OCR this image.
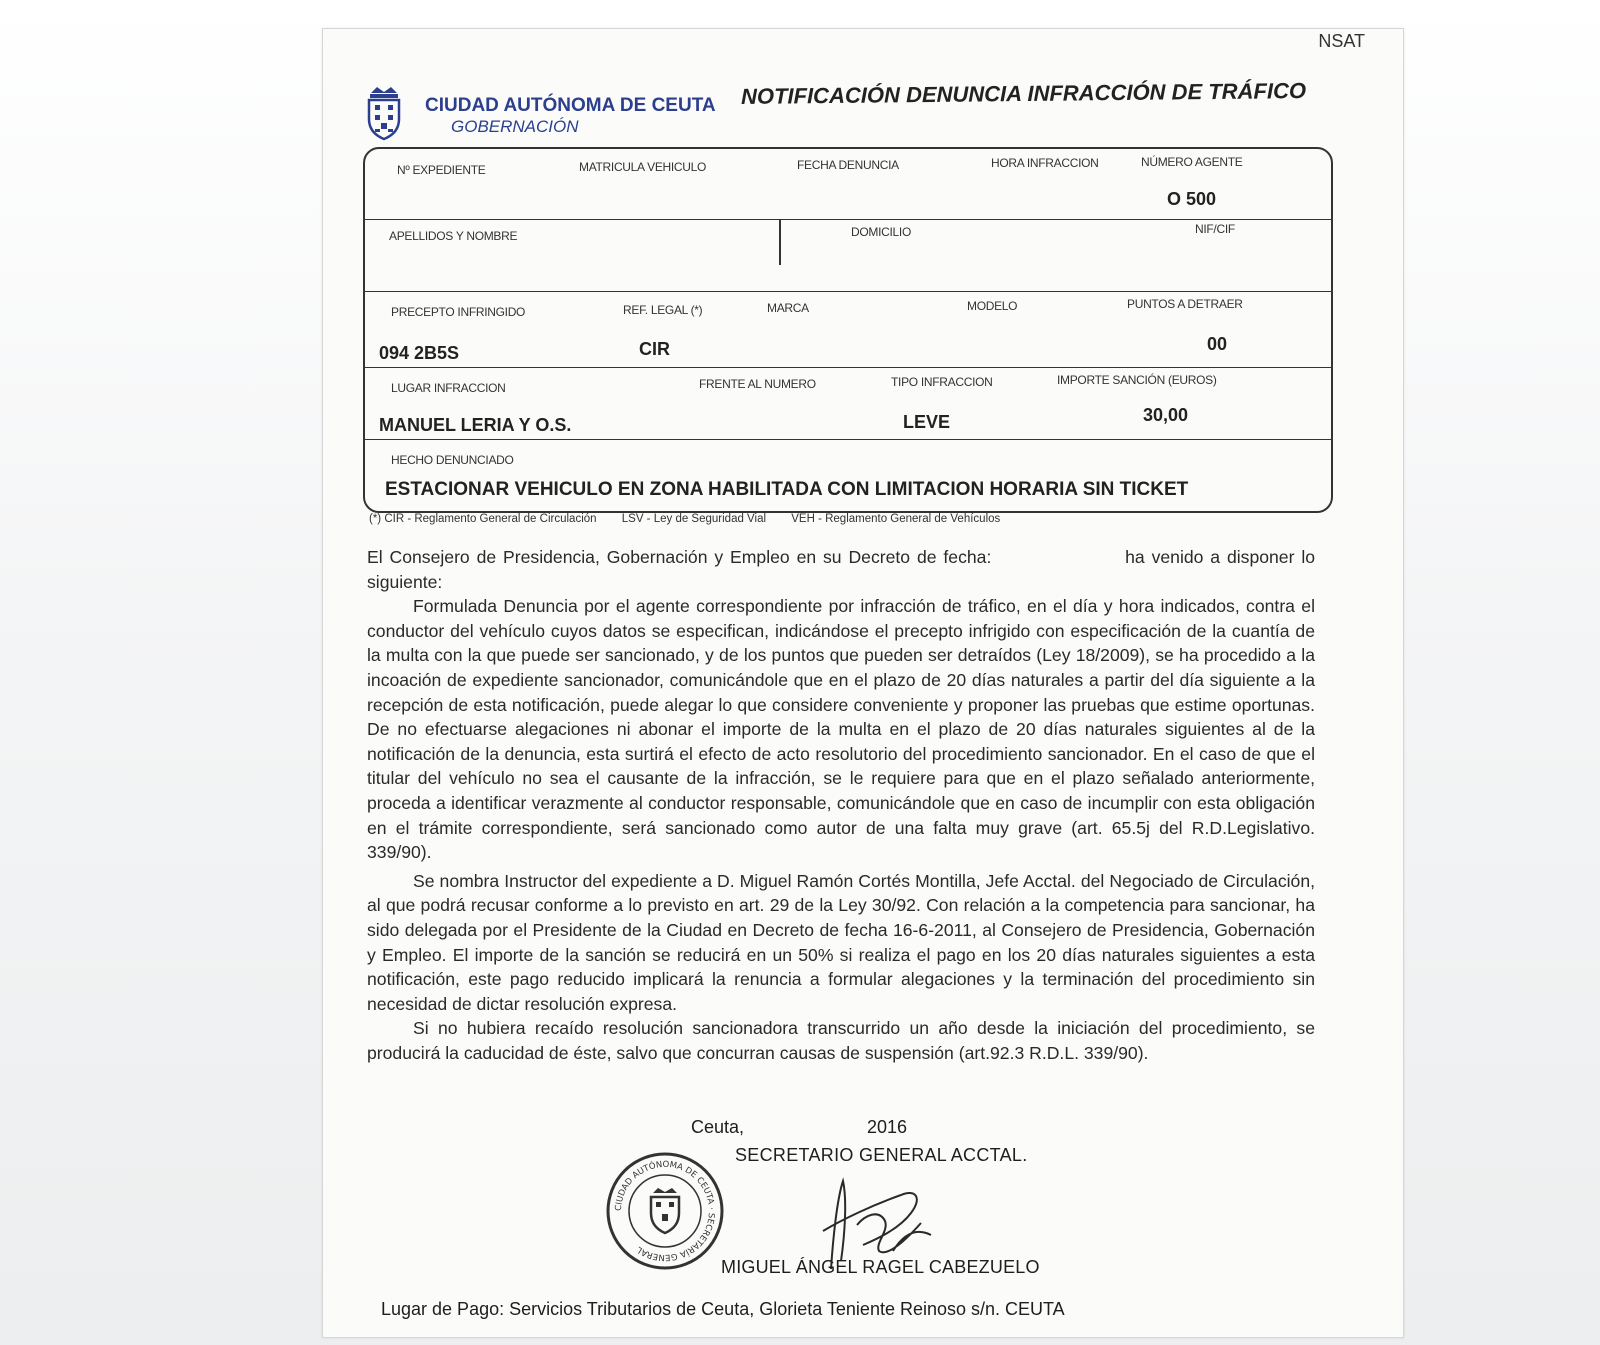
NSAT
CIUDAD AUTÓNOMA DE CEUTA
GOBERNACIÓN
NOTIFICACIÓN DENUNCIA INFRACCIÓN DE TRÁFICO
Nº EXPEDIENTE	MATRICULA VEHICULO	FECHA DENUNCIA	HORA INFRACCION	NÚMERO AGENTE
O 500
APELLIDOS Y NOMBRE	DOMICILIO	NIF/CIF
PRECEPTO INFRINGIDO	REF. LEGAL (*)	MARCA	MODELO	PUNTOS A DETRAER
094 2B5S	CIR	00
LUGAR INFRACCION	FRENTE AL NUMERO	TIPO INFRACCION	IMPORTE SANCIÓN (EUROS)
MANUEL LERIA Y O.S.	LEVE	30,00
HECHO DENUNCIADO
ESTACIONAR VEHICULO EN ZONA HABILITADA CON LIMITACION HORARIA SIN TICKET
(*) CIR - Reglamento General de Circulación LSV - Ley de Seguridad Vial VEH - Reglamento General de Vehículos

El Consejero de Presidencia, Gobernación y Empleo en su Decreto de fecha:	ha venido a disponer lo siguiente:

Formulada Denuncia por el agente correspondiente por infracción de tráfico, en el día y hora indicados, contra el conductor del vehículo cuyos datos se especifican, indicándose el precepto infrigido con especificación de la cuantía de la multa con la que puede ser sancionado, y de los puntos que pueden ser detraídos (Ley 18/2009), se ha procedido a la incoación de expediente sancionador, comunicándole que en el plazo de 20 días naturales a partir del día siguiente a la recepción de esta notificación, puede alegar lo que considere conveniente y proponer las pruebas que estime oportunas. De no efectuarse alegaciones ni abonar el importe de la multa en el plazo de 20 días naturales siguientes al de la notificación de la denuncia, esta surtirá el efecto de acto resolutorio del procedimiento sancionador. En el caso de que el titular del vehículo no sea el causante de la infracción, se le requiere para que en el plazo señalado anteriormente, proceda a identificar verazmente al conductor responsable, comunicándole que en caso de incumplir con esta obligación en el trámite correspondiente, será sancionado como autor de una falta muy grave (art. 65.5j del R.D.Legislativo. 339/90).

Se nombra Instructor del expediente a D. Miguel Ramón Cortés Montilla, Jefe Acctal. del Negociado de Circulación, al que podrá recusar conforme a lo previsto en art. 29 de la Ley 30/92. Con relación a la competencia para sancionar, ha sido delegada por el Presidente de la Ciudad en Decreto de fecha 16-6-2011, al Consejero de Presidencia, Gobernación y Empleo. El importe de la sanción se reducirá en un 50% si realiza el pago en los 20 días naturales siguientes a esta notificación, este pago reducido implicará la renuncia a formular alegaciones y la terminación del procedimiento sin necesidad de dictar resolución expresa.

Si no hubiera recaído resolución sancionadora transcurrido un año desde la iniciación del procedimiento, se producirá la caducidad de éste, salvo que concurran causas de suspensión (art.92.3 R.D.L. 339/90).

Ceuta,	2016
SECRETARIO GENERAL ACCTAL.
CIUDAD AUTÓNOMA DE CEUTA · SECRETARÍA GENERAL
MIGUEL ÁNGEL RAGEL CABEZUELO
Lugar de Pago: Servicios Tributarios de Ceuta, Glorieta Teniente Reinoso s/n. CEUTA
